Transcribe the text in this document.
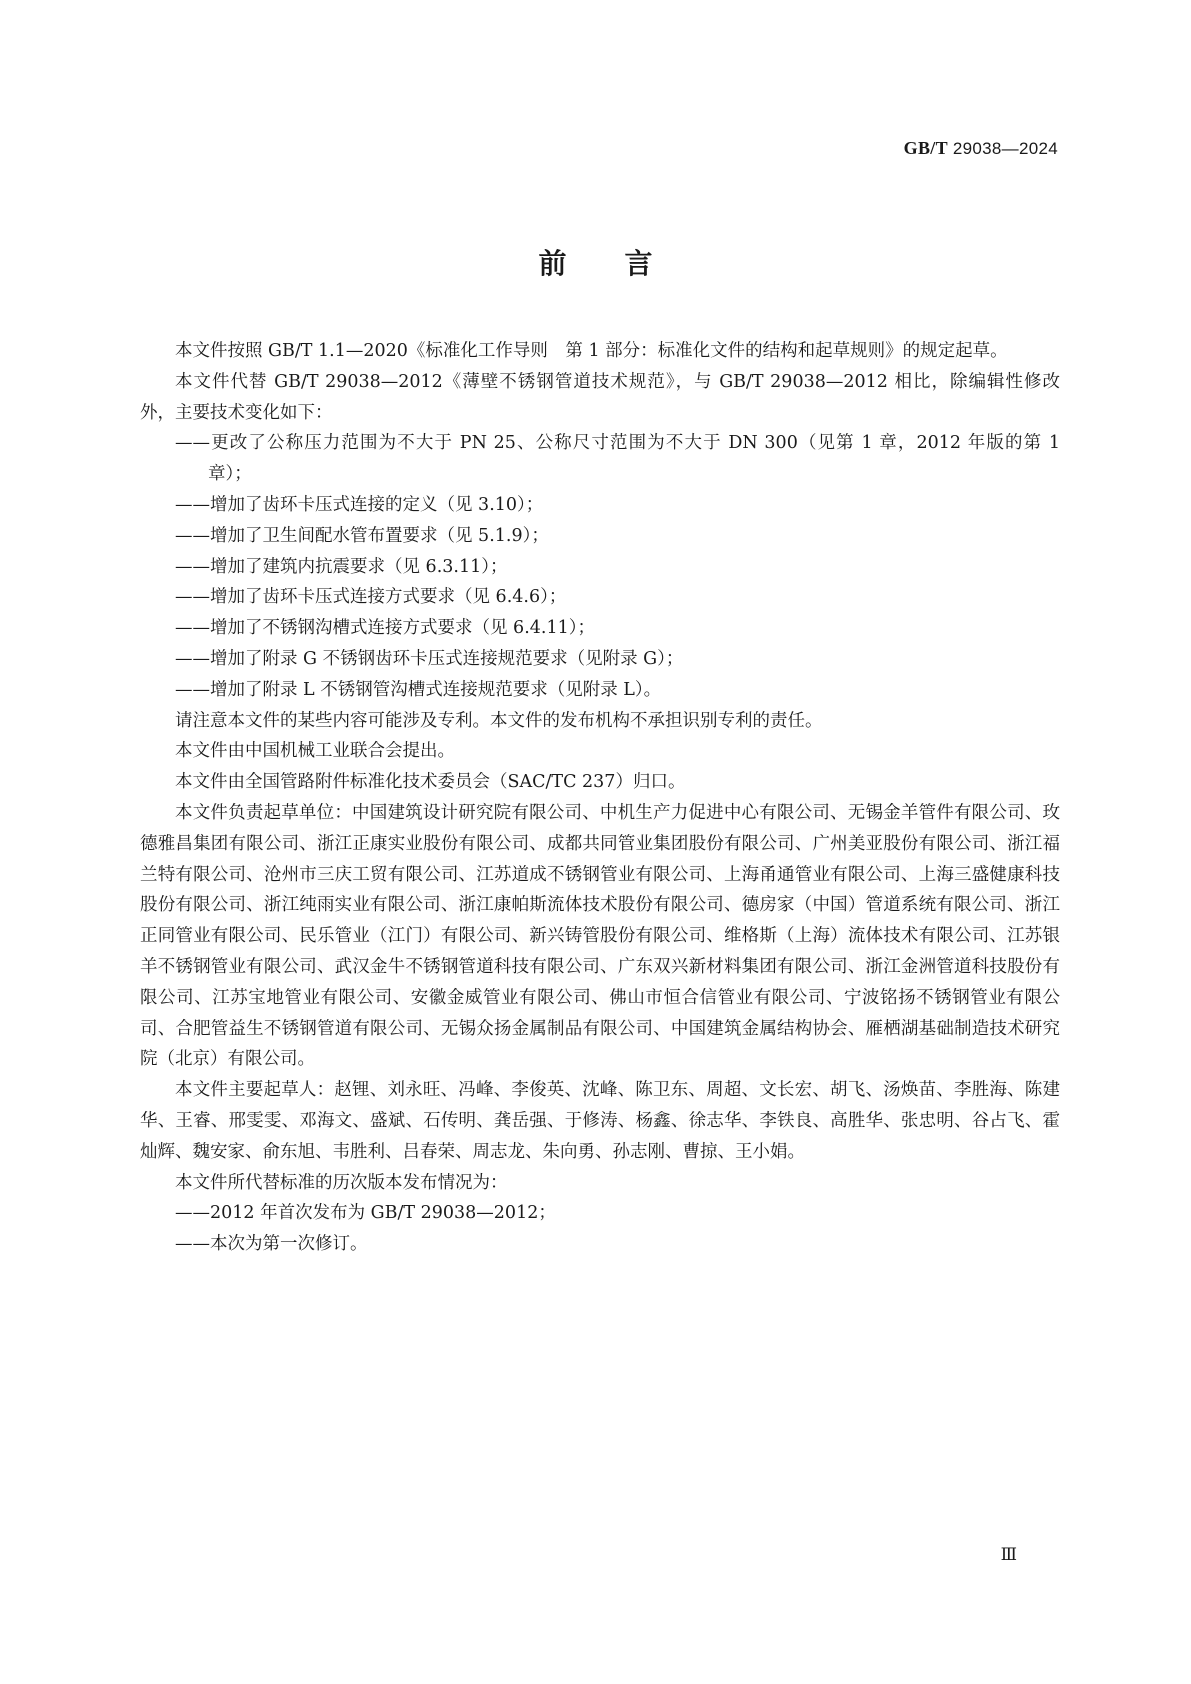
GB/T 29038—2024
前言

本文件按照 GB/T 1.1—2020《标准化工作导则　第 1 部分：标准化文件的结构和起草规则》的规定起草。

本文件代替 GB/T 29038—2012《薄壁不锈钢管道技术规范》，与 GB/T 29038—2012 相比，除编辑性修改外，主要技术变化如下：

——更改了公称压力范围为不大于 PN 25、公称尺寸范围为不大于 DN 300（见第 1 章，2012 年版的第 1 章）；

——增加了齿环卡压式连接的定义（见 3.10）；

——增加了卫生间配水管布置要求（见 5.1.9）；

——增加了建筑内抗震要求（见 6.3.11）；

——增加了齿环卡压式连接方式要求（见 6.4.6）；

——增加了不锈钢沟槽式连接方式要求（见 6.4.11）；

——增加了附录 G 不锈钢齿环卡压式连接规范要求（见附录 G）；

——增加了附录 L 不锈钢管沟槽式连接规范要求（见附录 L）。

请注意本文件的某些内容可能涉及专利。本文件的发布机构不承担识别专利的责任。

本文件由中国机械工业联合会提出。

本文件由全国管路附件标准化技术委员会（SAC/TC 237）归口。

本文件负责起草单位：中国建筑设计研究院有限公司、中机生产力促进中心有限公司、无锡金羊管件有限公司、玫德雅昌集团有限公司、浙江正康实业股份有限公司、成都共同管业集团股份有限公司、广州美亚股份有限公司、浙江福兰特有限公司、沧州市三庆工贸有限公司、江苏道成不锈钢管业有限公司、上海甬通管业有限公司、上海三盛健康科技股份有限公司、浙江纯雨实业有限公司、浙江康帕斯流体技术股份有限公司、德房家（中国）管道系统有限公司、浙江正同管业有限公司、民乐管业（江门）有限公司、新兴铸管股份有限公司、维格斯（上海）流体技术有限公司、江苏银羊不锈钢管业有限公司、武汉金牛不锈钢管道科技有限公司、广东双兴新材料集团有限公司、浙江金洲管道科技股份有限公司、江苏宝地管业有限公司、安徽金威管业有限公司、佛山市恒合信管业有限公司、宁波铭扬不锈钢管业有限公司、合肥管益生不锈钢管道有限公司、无锡众扬金属制品有限公司、中国建筑金属结构协会、雁栖湖基础制造技术研究院（北京）有限公司。

本文件主要起草人：赵锂、刘永旺、冯峰、李俊英、沈峰、陈卫东、周超、文长宏、胡飞、汤焕苗、李胜海、陈建华、王睿、邢雯雯、邓海文、盛斌、石传明、龚岳强、于修涛、杨鑫、徐志华、李铁良、高胜华、张忠明、谷占飞、霍灿辉、魏安家、俞东旭、韦胜利、吕春荣、周志龙、朱向勇、孙志刚、曹掠、王小娟。

本文件所代替标准的历次版本发布情况为：

——2012 年首次发布为 GB/T 29038—2012；

——本次为第一次修订。

Ⅲ
